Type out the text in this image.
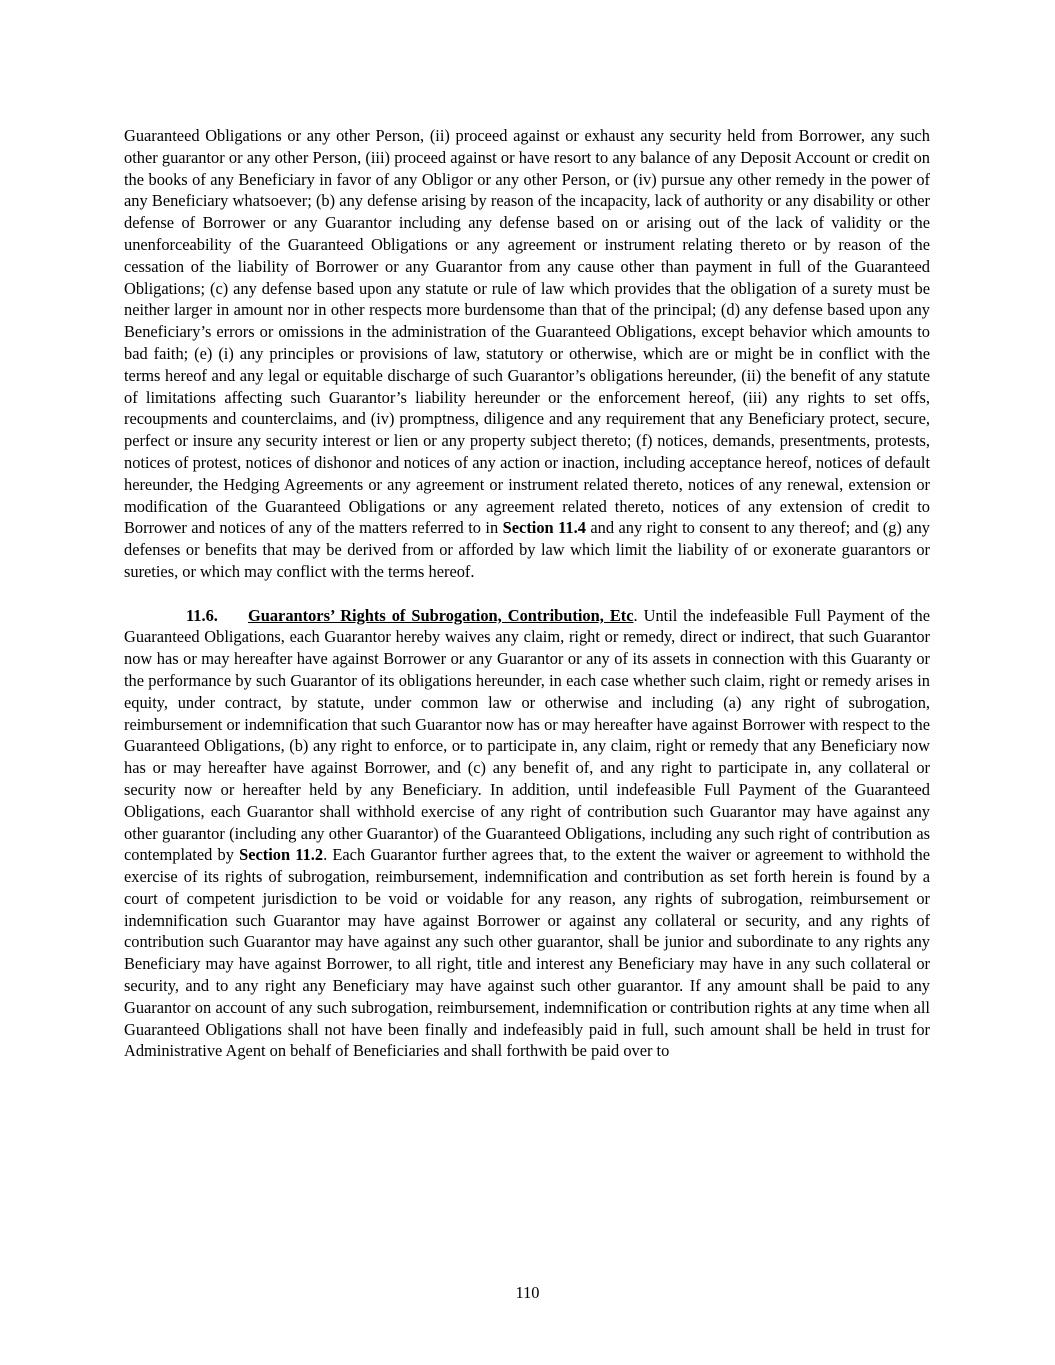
Guaranteed Obligations or any other Person, (ii) proceed against or exhaust any security held from Borrower, any such other guarantor or any other Person, (iii) proceed against or have resort to any balance of any Deposit Account or credit on the books of any Beneficiary in favor of any Obligor or any other Person, or (iv) pursue any other remedy in the power of any Beneficiary whatsoever; (b) any defense arising by reason of the incapacity, lack of authority or any disability or other defense of Borrower or any Guarantor including any defense based on or arising out of the lack of validity or the unenforceability of the Guaranteed Obligations or any agreement or instrument relating thereto or by reason of the cessation of the liability of Borrower or any Guarantor from any cause other than payment in full of the Guaranteed Obligations; (c) any defense based upon any statute or rule of law which provides that the obligation of a surety must be neither larger in amount nor in other respects more burdensome than that of the principal; (d) any defense based upon any Beneficiary’s errors or omissions in the administration of the Guaranteed Obligations, except behavior which amounts to bad faith; (e) (i) any principles or provisions of law, statutory or otherwise, which are or might be in conflict with the terms hereof and any legal or equitable discharge of such Guarantor’s obligations hereunder, (ii) the benefit of any statute of limitations affecting such Guarantor’s liability hereunder or the enforcement hereof, (iii) any rights to set offs, recoupments and counterclaims, and (iv) promptness, diligence and any requirement that any Beneficiary protect, secure, perfect or insure any security interest or lien or any property subject thereto; (f) notices, demands, presentments, protests, notices of protest, notices of dishonor and notices of any action or inaction, including acceptance hereof, notices of default hereunder, the Hedging Agreements or any agreement or instrument related thereto, notices of any renewal, extension or modification of the Guaranteed Obligations or any agreement related thereto, notices of any extension of credit to Borrower and notices of any of the matters referred to in Section 11.4 and any right to consent to any thereof; and (g) any defenses or benefits that may be derived from or afforded by law which limit the liability of or exonerate guarantors or sureties, or which may conflict with the terms hereof.

11.6. Guarantors’ Rights of Subrogation, Contribution, Etc. Until the indefeasible Full Payment of the Guaranteed Obligations, each Guarantor hereby waives any claim, right or remedy, direct or indirect, that such Guarantor now has or may hereafter have against Borrower or any Guarantor or any of its assets in connection with this Guaranty or the performance by such Guarantor of its obligations hereunder, in each case whether such claim, right or remedy arises in equity, under contract, by statute, under common law or otherwise and including (a) any right of subrogation, reimbursement or indemnification that such Guarantor now has or may hereafter have against Borrower with respect to the Guaranteed Obligations, (b) any right to enforce, or to participate in, any claim, right or remedy that any Beneficiary now has or may hereafter have against Borrower, and (c) any benefit of, and any right to participate in, any collateral or security now or hereafter held by any Beneficiary. In addition, until indefeasible Full Payment of the Guaranteed Obligations, each Guarantor shall withhold exercise of any right of contribution such Guarantor may have against any other guarantor (including any other Guarantor) of the Guaranteed Obligations, including any such right of contribution as contemplated by Section 11.2. Each Guarantor further agrees that, to the extent the waiver or agreement to withhold the exercise of its rights of subrogation, reimbursement, indemnification and contribution as set forth herein is found by a court of competent jurisdiction to be void or voidable for any reason, any rights of subrogation, reimbursement or indemnification such Guarantor may have against Borrower or against any collateral or security, and any rights of contribution such Guarantor may have against any such other guarantor, shall be junior and subordinate to any rights any Beneficiary may have against Borrower, to all right, title and interest any Beneficiary may have in any such collateral or security, and to any right any Beneficiary may have against such other guarantor. If any amount shall be paid to any Guarantor on account of any such subrogation, reimbursement, indemnification or contribution rights at any time when all Guaranteed Obligations shall not have been finally and indefeasibly paid in full, such amount shall be held in trust for Administrative Agent on behalf of Beneficiaries and shall forthwith be paid over to

110
